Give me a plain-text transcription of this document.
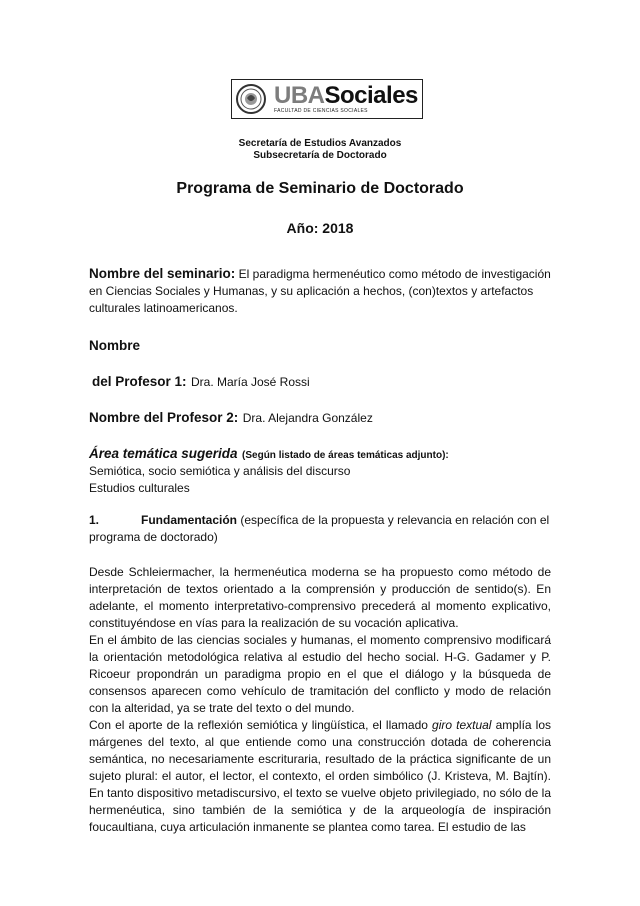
UBASociales
FACULTAD DE CIENCIAS SOCIALES
Secretaría de Estudios Avanzados
Subsecretaría de Doctorado
Programa de Seminario de Doctorado
Año: 2018
Nombre del seminario: El paradigma hermenéutico como método de investigación en Ciencias Sociales y Humanas, y su aplicación a hechos, (con)textos y artefactos culturales latinoamericanos.
Nombre
del Profesor 1: Dra. María José Rossi
Nombre del Profesor 2: Dra. Alejandra González
Área temática sugerida (Según listado de áreas temáticas adjunto):
Semiótica, socio semiótica y análisis del discurso
Estudios culturales
1.	Fundamentación (específica de la propuesta y relevancia en relación con el programa de doctorado)

Desde Schleiermacher, la hermenéutica moderna se ha propuesto como método de interpretación de textos orientado a la comprensión y producción de sentido(s). En adelante, el momento interpretativo-comprensivo precederá al momento explicativo, constituyéndose en vías para la realización de su vocación aplicativa.

En el ámbito de las ciencias sociales y humanas, el momento comprensivo modificará la orientación metodológica relativa al estudio del hecho social. H-G. Gadamer y P. Ricoeur propondrán un paradigma propio en el que el diálogo y la búsqueda de consensos aparecen como vehículo de tramitación del conflicto y modo de relación con la alteridad, ya se trate del texto o del mundo.

Con el aporte de la reflexión semiótica y lingüística, el llamado giro textual amplía los márgenes del texto, al que entiende como una construcción dotada de coherencia semántica, no necesariamente escrituraria, resultado de la práctica significante de un sujeto plural: el autor, el lector, el contexto, el orden simbólico (J. Kristeva, M. Bajtín). En tanto dispositivo metadiscursivo, el texto se vuelve objeto privilegiado, no sólo de la hermenéutica, sino también de la semiótica y de la arqueología de inspiración foucaultiana, cuya articulación inmanente se plantea como tarea. El estudio de las
